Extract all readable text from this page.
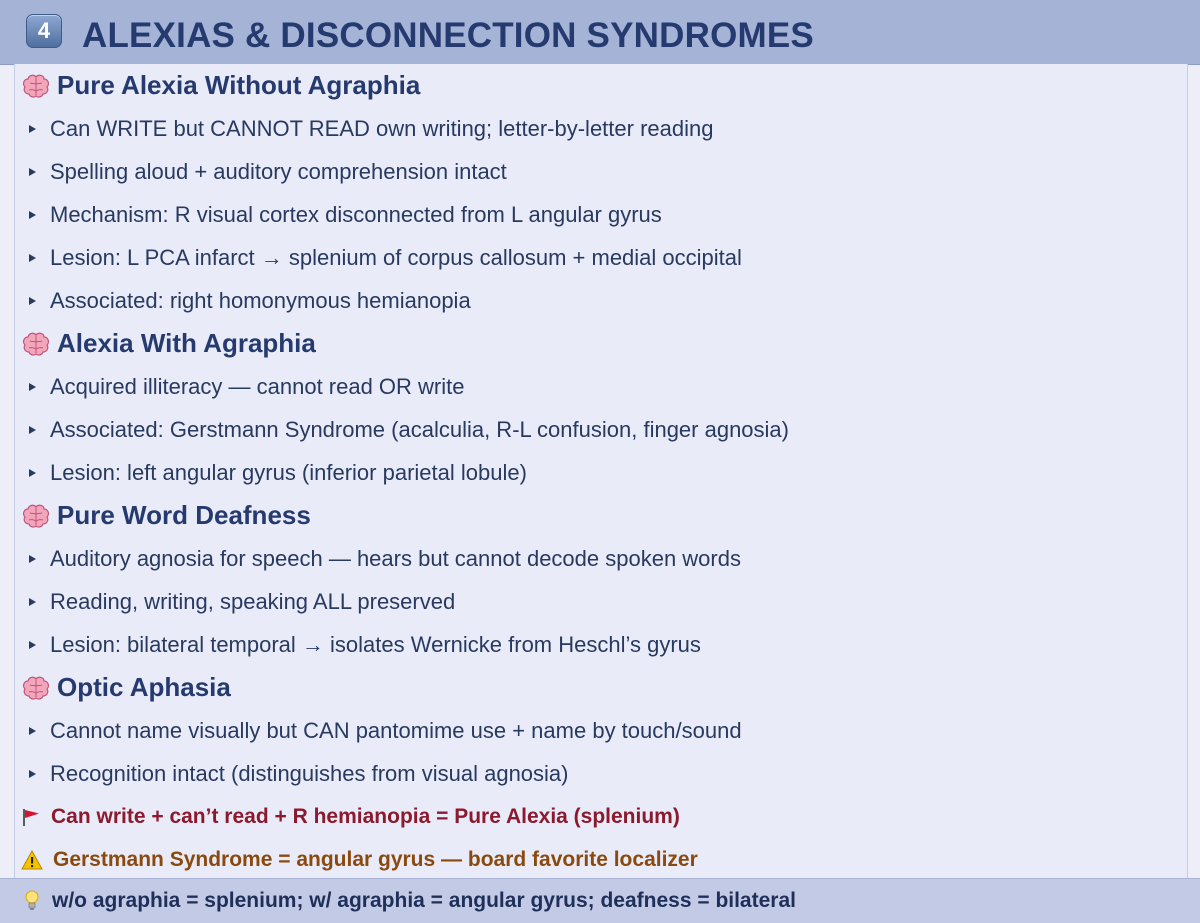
4 ALEXIAS & DISCONNECTION SYNDROMES
Pure Alexia Without Agraphia
Can WRITE but CANNOT READ own writing; letter-by-letter reading
Spelling aloud + auditory comprehension intact
Mechanism: R visual cortex disconnected from L angular gyrus
Lesion: L PCA infarct → splenium of corpus callosum + medial occipital
Associated: right homonymous hemianopia
Alexia With Agraphia
Acquired illiteracy — cannot read OR write
Associated: Gerstmann Syndrome (acalculia, R-L confusion, finger agnosia)
Lesion: left angular gyrus (inferior parietal lobule)
Pure Word Deafness
Auditory agnosia for speech — hears but cannot decode spoken words
Reading, writing, speaking ALL preserved
Lesion: bilateral temporal → isolates Wernicke from Heschl’s gyrus
Optic Aphasia
Cannot name visually but CAN pantomime use + name by touch/sound
Recognition intact (distinguishes from visual agnosia)
Can write + can’t read + R hemianopia = Pure Alexia (splenium)
Gerstmann Syndrome = angular gyrus — board favorite localizer
w/o agraphia = splenium; w/ agraphia = angular gyrus; deafness = bilateral
